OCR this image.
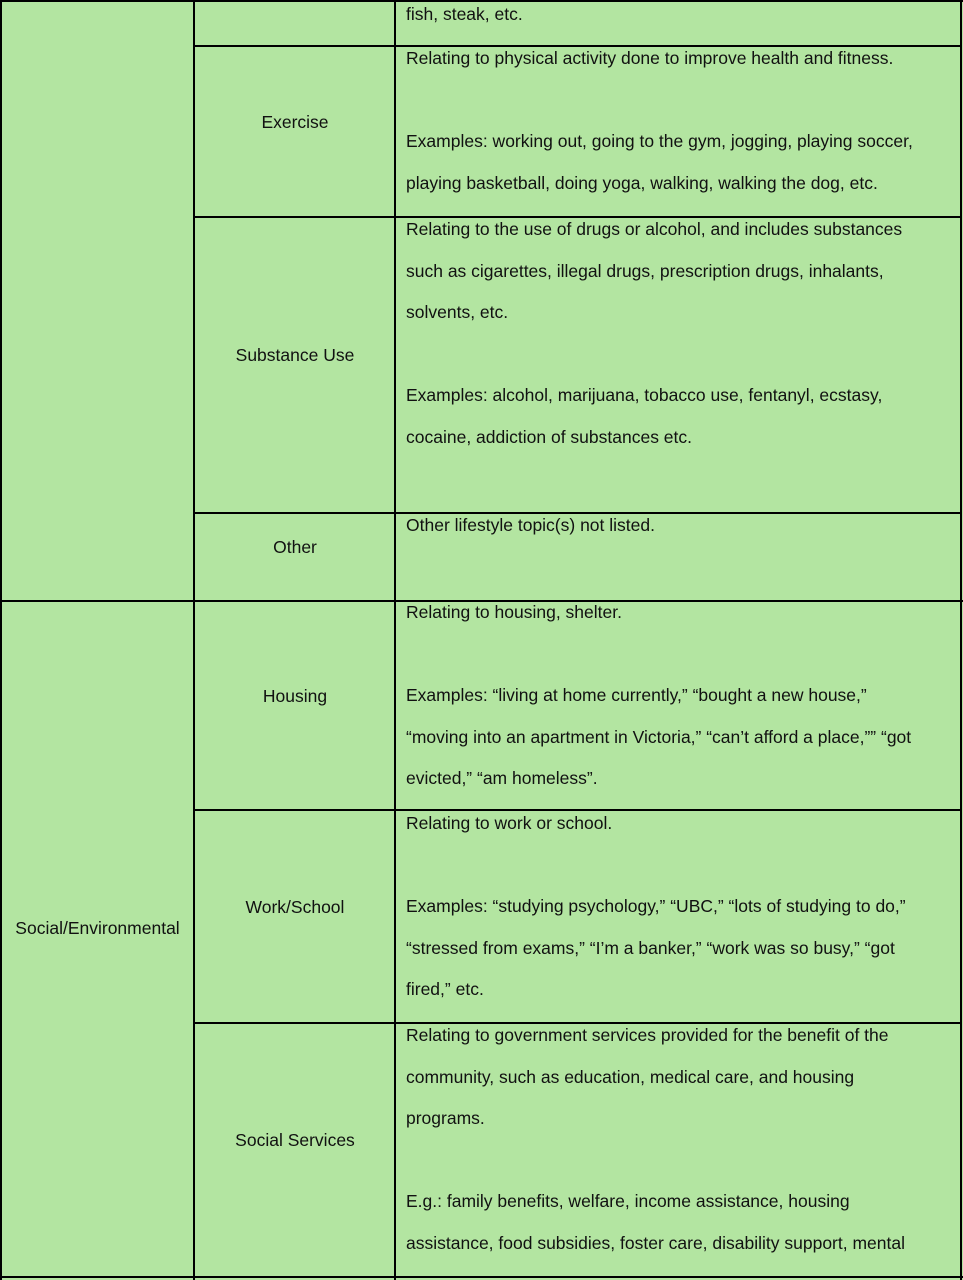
Social/Environmental
Exercise
Substance Use
Other
Housing
Work/School
Social Services

fish, steak, etc.

Relating to physical activity done to improve health and fitness.

Examples: working out, going to the gym, jogging, playing soccer,

playing basketball, doing yoga, walking, walking the dog, etc.

Relating to the use of drugs or alcohol, and includes substances

such as cigarettes, illegal drugs, prescription drugs, inhalants,

solvents, etc.

Examples: alcohol, marijuana, tobacco use, fentanyl, ecstasy,

cocaine, addiction of substances etc.

Other lifestyle topic(s) not listed.

Relating to housing, shelter.

Examples: “living at home currently,” “bought a new house,”

“moving into an apartment in Victoria,” “can’t afford a place,”” “got

evicted,” “am homeless”.

Relating to work or school.

Examples: “studying psychology,” “UBC,” “lots of studying to do,”

“stressed from exams,” “I’m a banker,” “work was so busy,” “got

fired,” etc.

Relating to government services provided for the benefit of the

community, such as education, medical care, and housing

programs.

E.g.: family benefits, welfare, income assistance, housing

assistance, food subsidies, foster care, disability support, mental
